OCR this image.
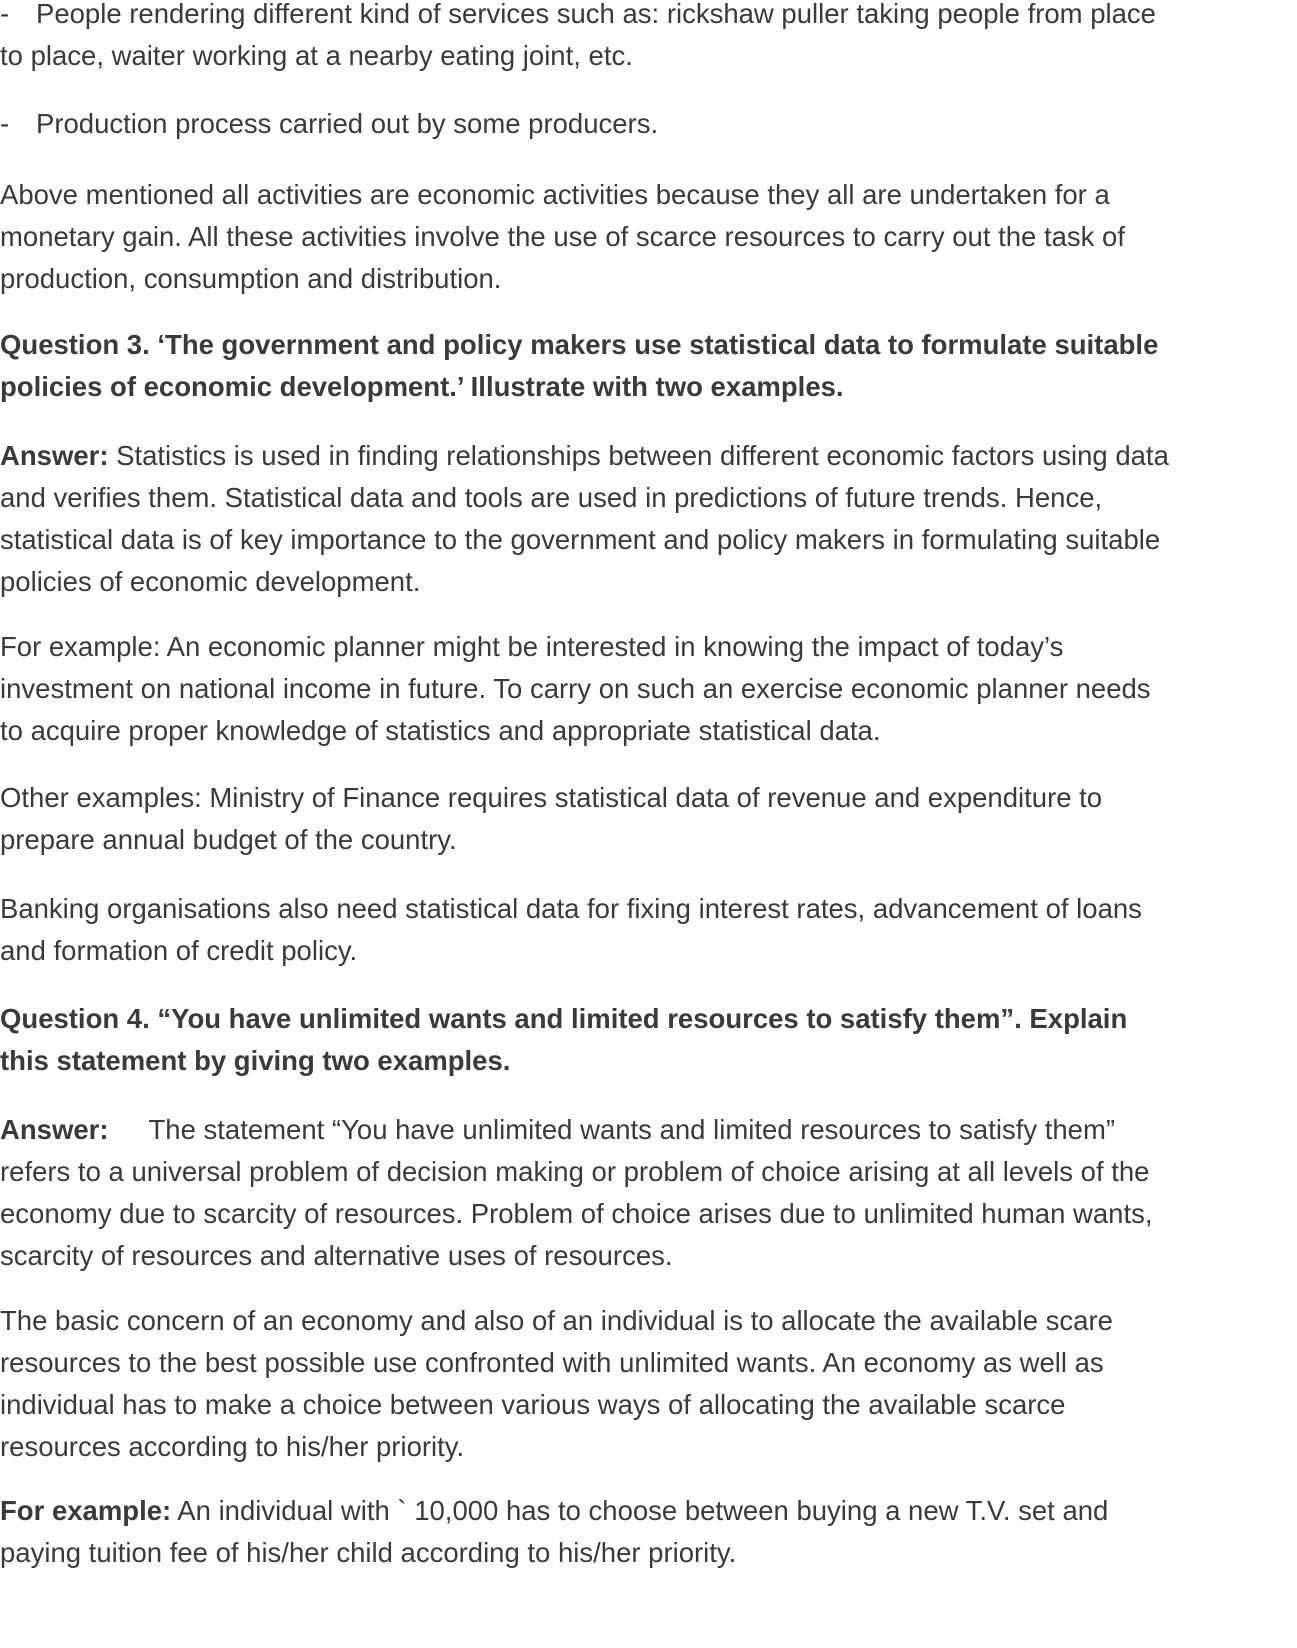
- People rendering different kind of services such as: rickshaw puller taking people from place
to place, waiter working at a nearby eating joint, etc.
- Production process carried out by some producers.
Above mentioned all activities are economic activities because they all are undertaken for a
monetary gain. All these activities involve the use of scarce resources to carry out the task of
production, consumption and distribution.
Question 3. ‘The government and policy makers use statistical data to formulate suitable
policies of economic development.’ Illustrate with two examples.
Answer: Statistics is used in finding relationships between different economic factors using data
and verifies them. Statistical data and tools are used in predictions of future trends. Hence,
statistical data is of key importance to the government and policy makers in formulating suitable
policies of economic development.
For example: An economic planner might be interested in knowing the impact of today’s
investment on national income in future. To carry on such an exercise economic planner needs
to acquire proper knowledge of statistics and appropriate statistical data.
Other examples: Ministry of Finance requires statistical data of revenue and expenditure to
prepare annual budget of the country.
Banking organisations also need statistical data for fixing interest rates, advancement of loans
and formation of credit policy.
Question 4. “You have unlimited wants and limited resources to satisfy them”. Explain
this statement by giving two examples.
Answer: The statement “You have unlimited wants and limited resources to satisfy them”
refers to a universal problem of decision making or problem of choice arising at all levels of the
economy due to scarcity of resources. Problem of choice arises due to unlimited human wants,
scarcity of resources and alternative uses of resources.
The basic concern of an economy and also of an individual is to allocate the available scare
resources to the best possible use confronted with unlimited wants. An economy as well as
individual has to make a choice between various ways of allocating the available scarce
resources according to his/her priority.
For example: An individual with ` 10,000 has to choose between buying a new T.V. set and
paying tuition fee of his/her child according to his/her priority.
